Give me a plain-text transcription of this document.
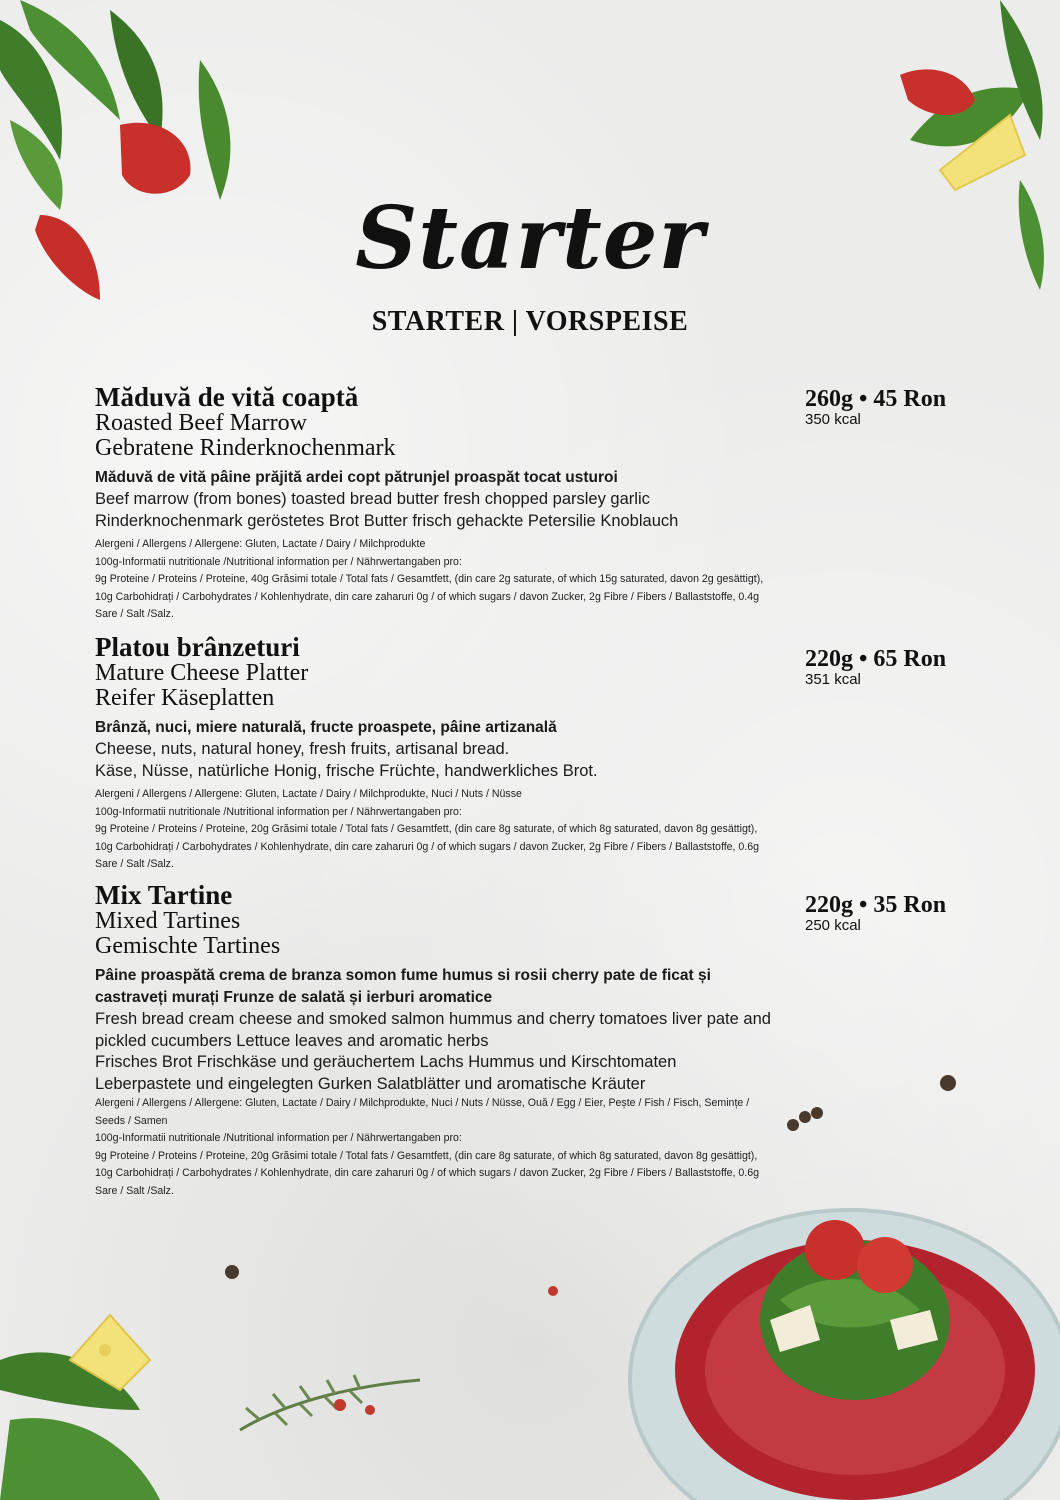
Starter
STARTER | VORSPEISE
Măduvă de vită coaptă
Roasted Beef Marrow
Gebratene Rinderknochenmark
Măduvă de vită pâine prăjită ardei copt pătrunjel proaspăt tocat usturoi
Beef marrow (from bones) toasted bread butter fresh chopped parsley garlic
Rinderknochenmark geröstetes Brot Butter frisch gehackte Petersilie Knoblauch
Alergeni / Allergens / Allergene: Gluten, Lactate / Dairy / Milchprodukte
100g-Informatii nutritionale /Nutritional information per / Nährwertangaben pro:
9g Proteine / Proteins / Proteine, 40g Grăsimi totale / Total fats / Gesamtfett, (din care 2g saturate, of which 15g saturated, davon 2g gesättigt), 10g Carbohidrați / Carbohydrates / Kohlenhydrate, din care zaharuri 0g / of which sugars / davon Zucker, 2g Fibre / Fibers / Ballaststoffe, 0.4g Sare / Salt /Salz.
260g • 45 Ron
350 kcal
Platou brânzeturi
Mature Cheese Platter
Reifer Käseplatten
Brânză, nuci, miere naturală, fructe proaspete, pâine artizanală
Cheese, nuts, natural honey, fresh fruits, artisanal bread.
Käse, Nüsse, natürliche Honig, frische Früchte, handwerkliches Brot.
Alergeni / Allergens / Allergene: Gluten, Lactate / Dairy / Milchprodukte, Nuci / Nuts / Nüsse
100g-Informatii nutritionale /Nutritional information per / Nährwertangaben pro:
9g Proteine / Proteins / Proteine, 20g Grăsimi totale / Total fats / Gesamtfett, (din care 8g saturate, of which 8g saturated, davon 8g gesättigt), 10g Carbohidrați / Carbohydrates / Kohlenhydrate, din care zaharuri 0g / of which sugars / davon Zucker, 2g Fibre / Fibers / Ballaststoffe, 0.6g Sare / Salt /Salz.
220g • 65 Ron
351 kcal
Mix Tartine
Mixed Tartines
Gemischte Tartines
Pâine proaspătă crema de branza somon fume humus si rosii cherry pate de ficat și castraveți murați Frunze de salată și ierburi aromatice
Fresh bread cream cheese and smoked salmon hummus and cherry tomatoes liver pate and pickled cucumbers Lettuce leaves and aromatic herbs
Frisches Brot Frischkäse und geräuchertem Lachs Hummus und Kirschtomaten Leberpastete und eingelegten Gurken Salatblätter und aromatische Kräuter
Alergeni / Allergens / Allergene: Gluten, Lactate / Dairy / Milchprodukte, Nuci / Nuts / Nüsse, Ouă / Egg / Eier, Pește / Fish / Fisch, Semințe / Seeds / Samen
100g-Informatii nutritionale /Nutritional information per / Nährwertangaben pro:
9g Proteine / Proteins / Proteine, 20g Grăsimi totale / Total fats / Gesamtfett, (din care 8g saturate, of which 8g saturated, davon 8g gesättigt), 10g Carbohidrați / Carbohydrates / Kohlenhydrate, din care zaharuri 0g / of which sugars / davon Zucker, 2g Fibre / Fibers / Ballaststoffe, 0.6g Sare / Salt /Salz.
220g • 35 Ron
250 kcal
